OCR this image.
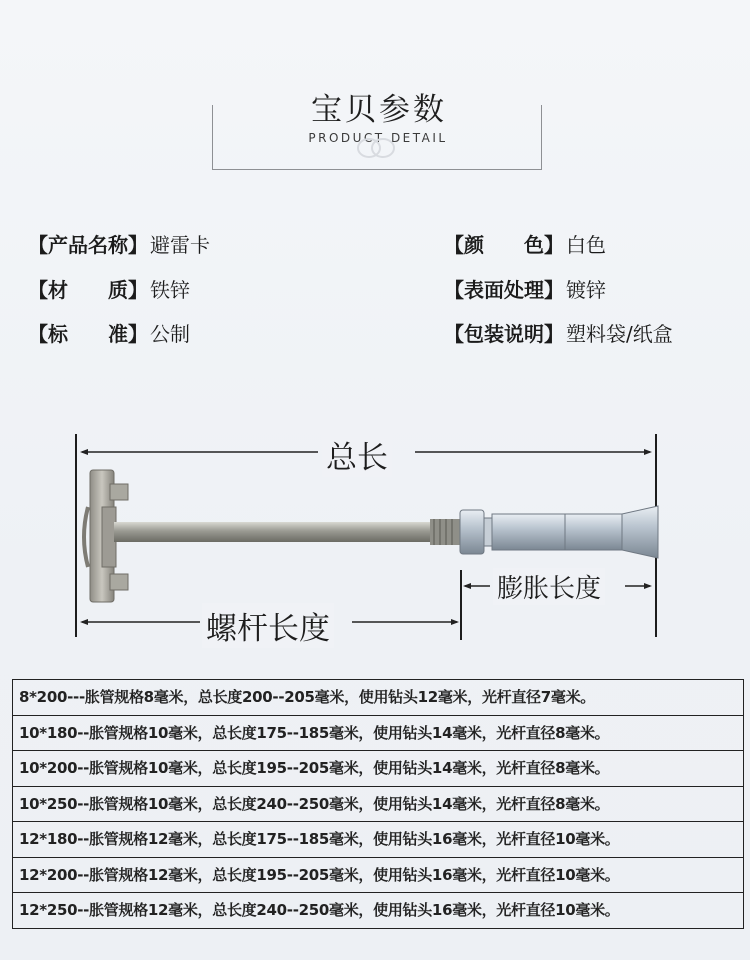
宝贝参数
PRODUCT DETAIL
【产品名称】 避雷卡	【颜　　色】 白色
【材　　质】 铁锌	【表面处理】 镀锌
【标　　准】 公制	【包装说明】 塑料袋/纸盒
总长
膨胀长度
螺杆长度
8*200---胀管规格8毫米，总长度200--205毫米，使用钻头12毫米，光杆直径7毫米。
10*180--胀管规格10毫米，总长度175--185毫米，使用钻头14毫米，光杆直径8毫米。
10*200--胀管规格10毫米，总长度195--205毫米，使用钻头14毫米，光杆直径8毫米。
10*250--胀管规格10毫米，总长度240--250毫米，使用钻头14毫米，光杆直径8毫米。
12*180--胀管规格12毫米，总长度175--185毫米，使用钻头16毫米，光杆直径10毫米。
12*200--胀管规格12毫米，总长度195--205毫米，使用钻头16毫米，光杆直径10毫米。
12*250--胀管规格12毫米，总长度240--250毫米，使用钻头16毫米，光杆直径10毫米。
